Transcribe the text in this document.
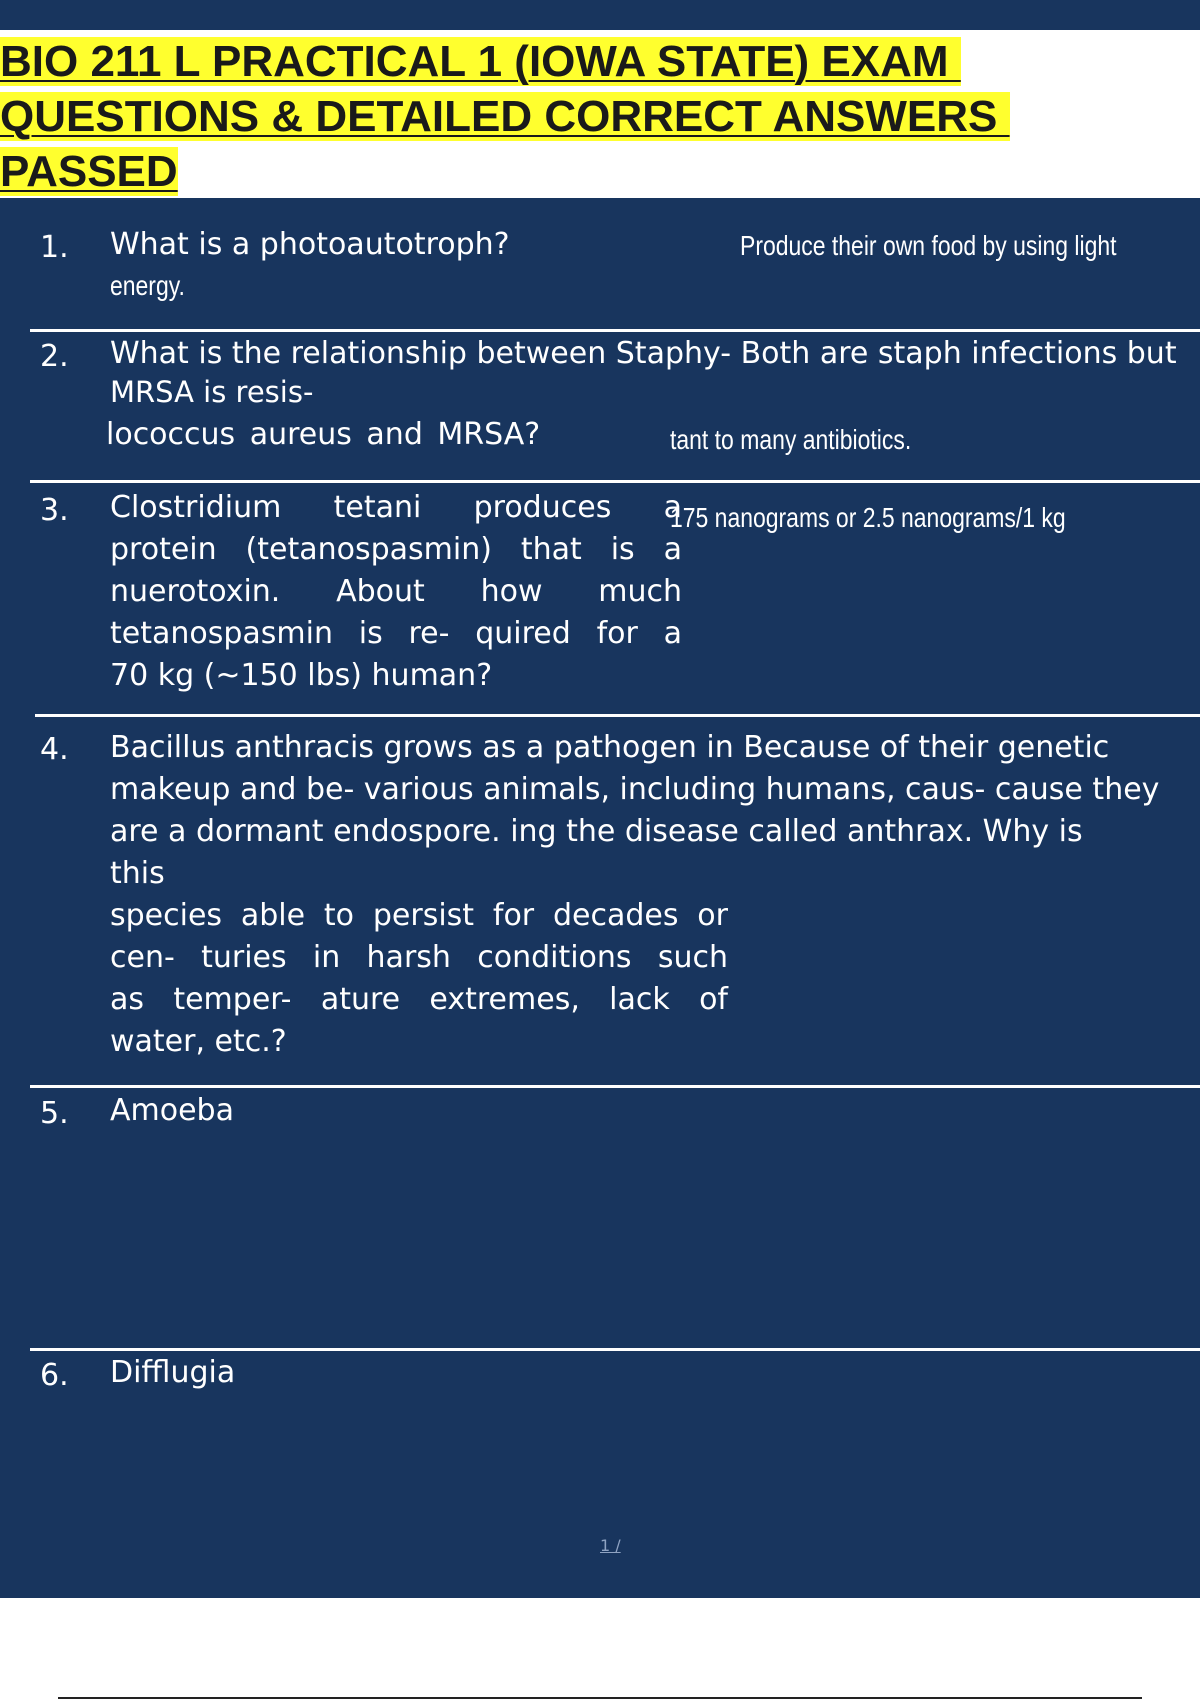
BIO 211 L PRACTICAL 1 (IOWA STATE) EXAM
QUESTIONS & DETAILED CORRECT ANSWERS
PASSED
1. What is a photoautotroph?	Produce their own food by using light
energy.
2. What is the relationship between Staphy- Both are staph infections but
MRSA is resis-
lococcus aureus and MRSA?	tant to many antibiotics.
3. Clostridium tetani produces a
protein (tetanospasmin) that is a
nuerotoxin. About how much
tetanospasmin is re- quired for a
70 kg (~150 lbs) human?
175 nanograms or 2.5 nanograms/1 kg
4. Bacillus anthracis grows as a pathogen in Because of their genetic
makeup and be- various animals, including humans, caus- cause they
are a dormant endospore. ing the disease called anthrax. Why is
this
species able to persist for decades or
cen- turies in harsh conditions such
as temper- ature extremes, lack of
water, etc.?
5. Amoeba
6. Difflugia
1 /
